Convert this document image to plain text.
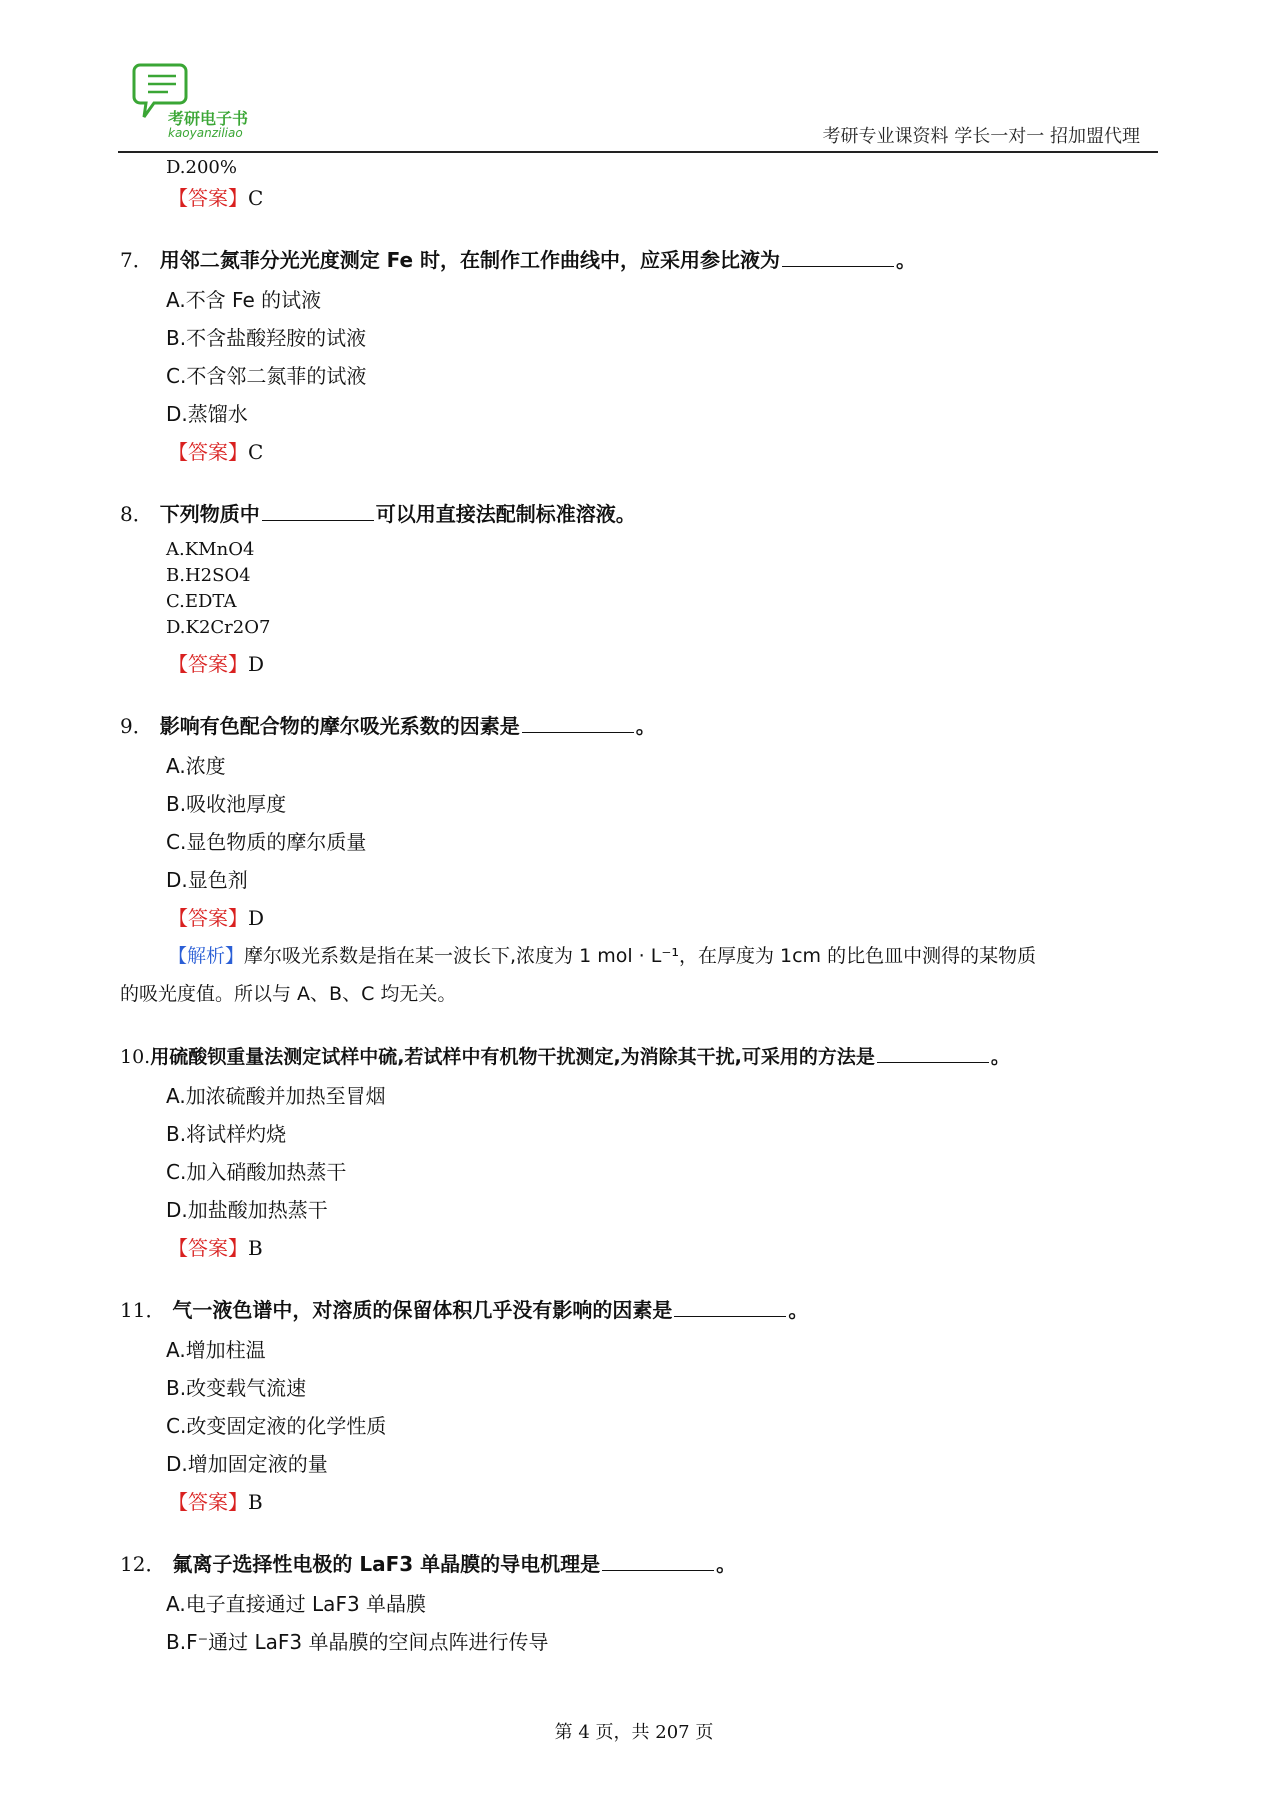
考研电子书
kaoyanziliao	考研专业课资料 学长一对一 招加盟代理
D.200%
【答案】C
7． 用邻二氮菲分光光度测定 Fe 时，在制作工作曲线中，应采用参比液为	。
A.不含 Fe 的试液
B.不含盐酸羟胺的试液
C.不含邻二氮菲的试液
D.蒸馏水
【答案】C
8． 下列物质中	可以用直接法配制标准溶液。
A.KMnO4
B.H2SO4
C.EDTA
D.K2Cr2O7
【答案】D
9． 影响有色配合物的摩尔吸光系数的因素是	。
A.浓度
B.吸收池厚度
C.显色物质的摩尔质量
D.显色剂
【答案】D
【解析】摩尔吸光系数是指在某一波长下,浓度为 1 mol · L⁻¹，在厚度为 1cm 的比色皿中测得的某物质
的吸光度值。所以与 A、B、C 均无关。
10.用硫酸钡重量法测定试样中硫,若试样中有机物干扰测定,为消除其干扰,可采用的方法是	。
A.加浓硫酸并加热至冒烟
B.将试样灼烧
C.加入硝酸加热蒸干
D.加盐酸加热蒸干
【答案】B
11． 气一液色谱中，对溶质的保留体积几乎没有影响的因素是	。
A.增加柱温
B.改变载气流速
C.改变固定液的化学性质
D.增加固定液的量
【答案】B
12． 氟离子选择性电极的 LaF3 单晶膜的导电机理是	。
A.电子直接通过 LaF3 单晶膜
B.F⁻通过 LaF3 单晶膜的空间点阵进行传导
第 4 页，共 207 页
